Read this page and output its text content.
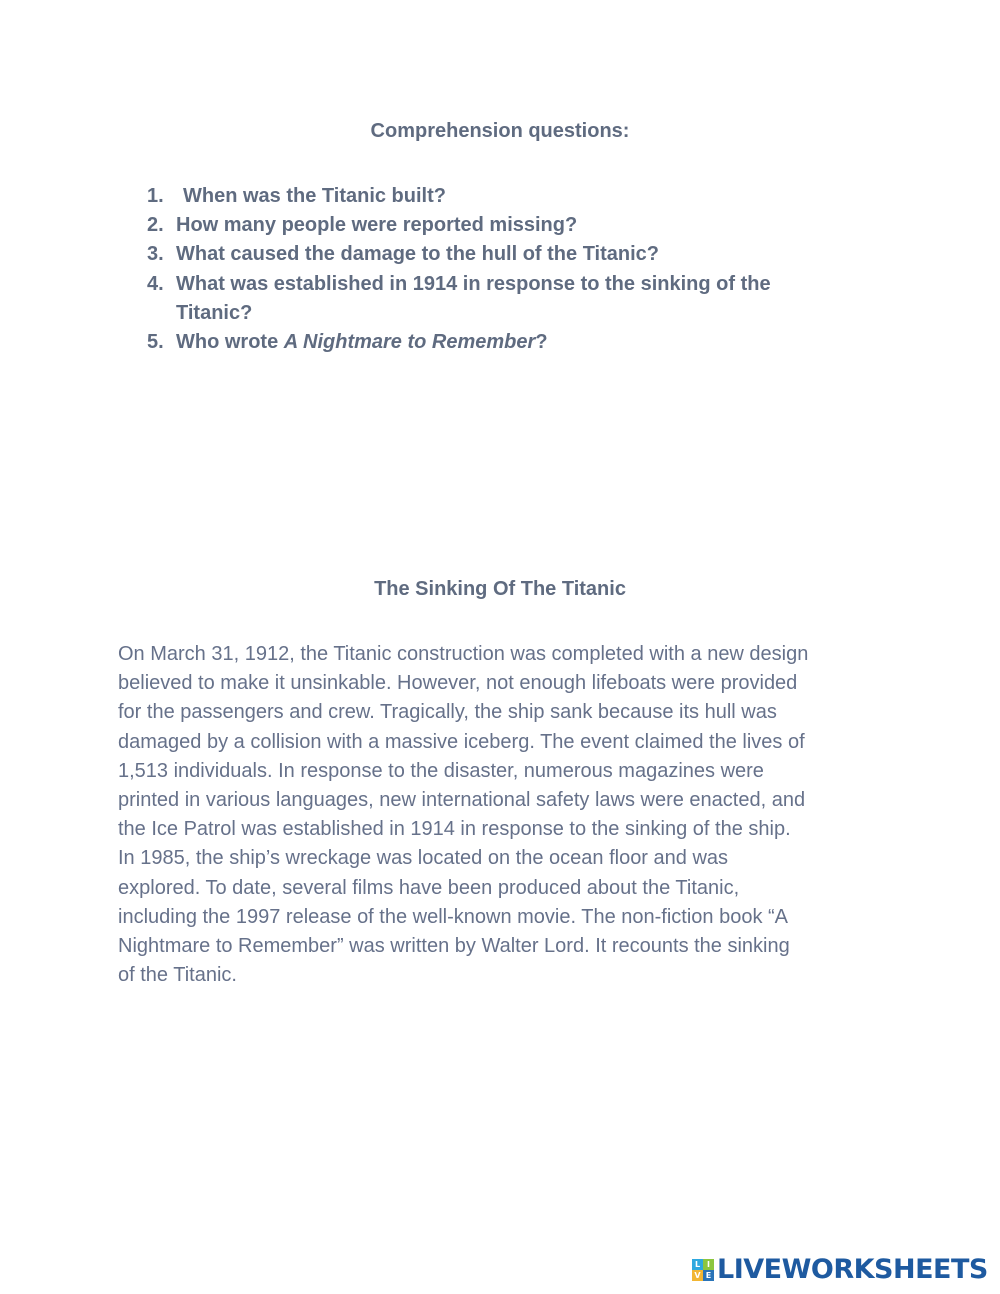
Comprehension questions:
1. When was the Titanic built?
2. How many people were reported missing?
3. What caused the damage to the hull of the Titanic?
4. What was established in 1914 in response to the sinking of the
Titanic?
5. Who wrote A Nightmare to Remember?
The Sinking Of The Titanic

On March 31, 1912, the Titanic construction was completed with a new design
believed to make it unsinkable. However, not enough lifeboats were provided
for the passengers and crew. Tragically, the ship sank because its hull was
damaged by a collision with a massive iceberg. The event claimed the lives of
1,513 individuals. In response to the disaster, numerous magazines were
printed in various languages, new international safety laws were enacted, and
the Ice Patrol was established in 1914 in response to the sinking of the ship.
In 1985, the ship’s wreckage was located on the ocean floor and was
explored. To date, several films have been produced about the Titanic,
including the 1997 release of the well-known movie. The non-fiction book “A
Nightmare to Remember” was written by Walter Lord. It recounts the sinking
of the Titanic.

L I
V E LIVEWORKSHEETS
